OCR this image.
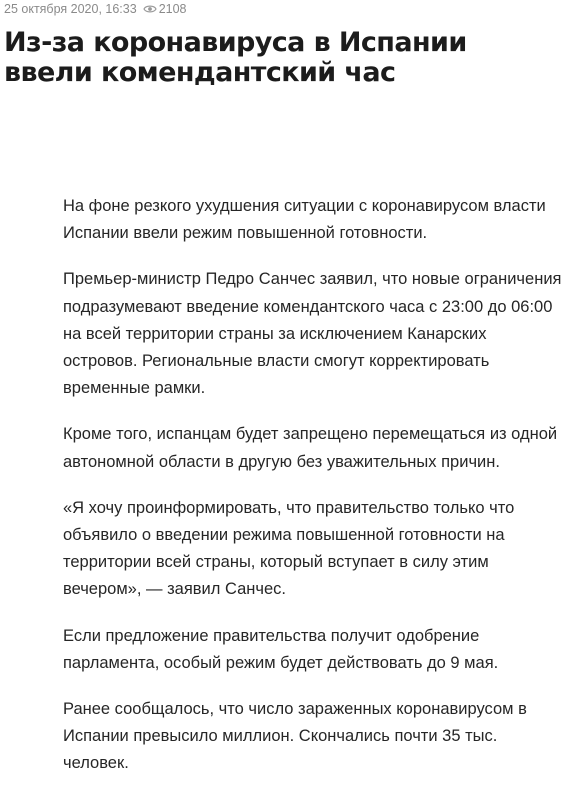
25 октября 2020, 16:33 2108
Из-за коронавируса в Испании ввели комендантский час

На фоне резкого ухудшения ситуации с коронавирусом власти Испании ввели режим повышенной готовности.

Премьер-министр Педро Санчес заявил, что новые ограничения подразумевают введение комендантского часа с 23:00 до 06:00 на всей территории страны за исключением Канарских островов. Региональные власти смогут корректировать временные рамки.

Кроме того, испанцам будет запрещено перемещаться из одной автономной области в другую без уважительных причин.

«Я хочу проинформировать, что правительство только что объявило о введении режима повышенной готовности на территории всей страны, который вступает в силу этим вечером», — заявил Санчес.

Если предложение правительства получит одобрение парламента, особый режим будет действовать до 9 мая.

Ранее сообщалось, что число зараженных коронавирусом в Испании превысило миллион. Скончались почти 35 тыс. человек.
